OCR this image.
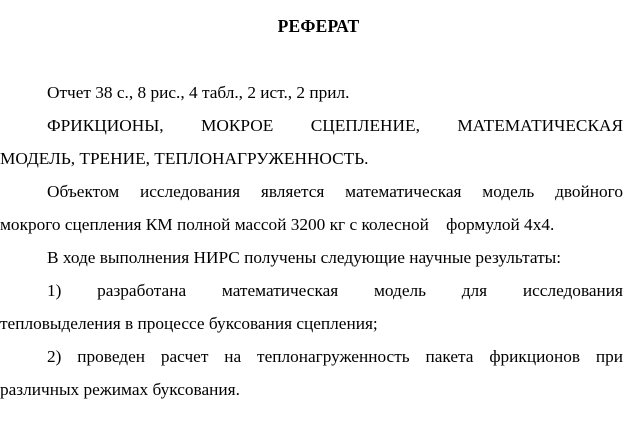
РЕФЕРАТ
Отчет 38 с., 8 рис., 4 табл., 2 ист., 2 прил.
ФРИКЦИОНЫ, МОКРОЕ СЦЕПЛЕНИЕ, МАТЕМАТИЧЕСКАЯ
МОДЕЛЬ, ТРЕНИЕ, ТЕПЛОНАГРУЖЕННОСТЬ.
Объектом исследования является математическая модель двойного
мокрого сцепления КМ полной массой 3200 кг с колесной    формулой 4х4.
В ходе выполнения НИРС получены следующие научные результаты:
1) разработана математическая модель для исследования
тепловыделения в процессе буксования сцепления;
2) проведен расчет на теплонагруженность пакета фрикционов при
различных режимах буксования.
